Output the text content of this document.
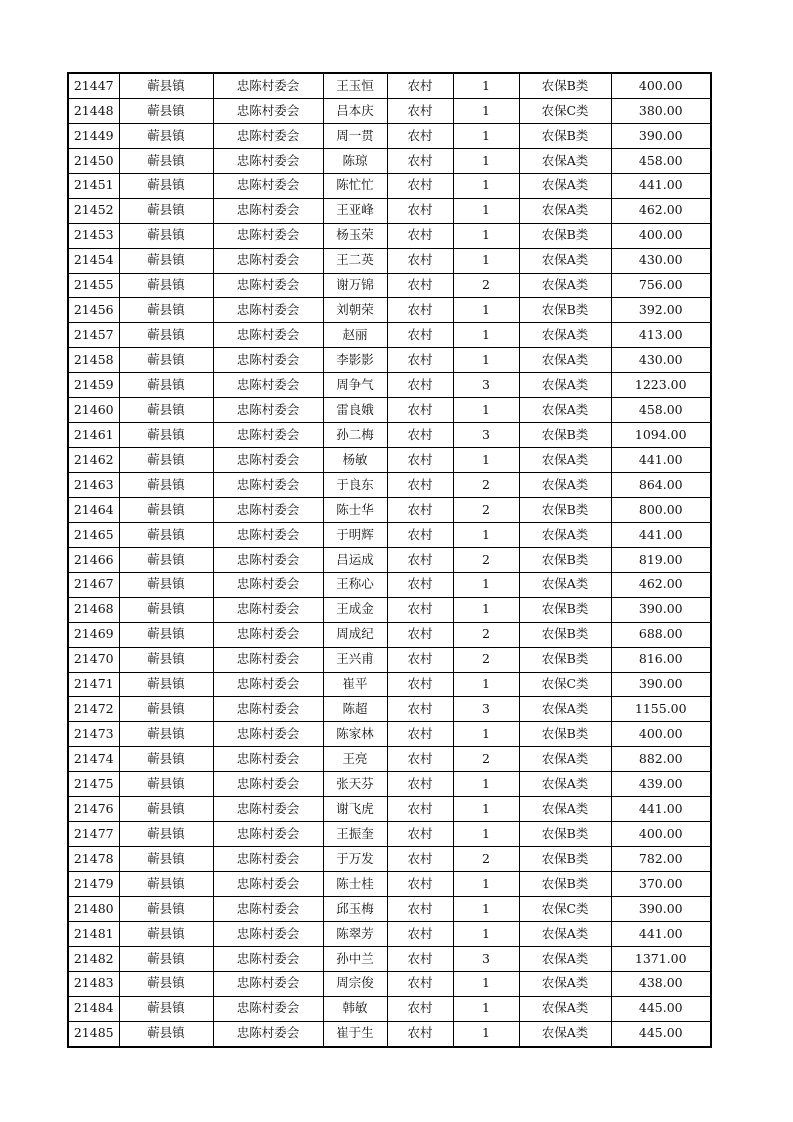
21447	蕲县镇	忠陈村委会	王玉恒	农村	1	农保B类	400.00
21448	蕲县镇	忠陈村委会	吕本庆	农村	1	农保C类	380.00
21449	蕲县镇	忠陈村委会	周一贯	农村	1	农保B类	390.00
21450	蕲县镇	忠陈村委会	陈琼	农村	1	农保A类	458.00
21451	蕲县镇	忠陈村委会	陈忙忙	农村	1	农保A类	441.00
21452	蕲县镇	忠陈村委会	王亚峰	农村	1	农保A类	462.00
21453	蕲县镇	忠陈村委会	杨玉荣	农村	1	农保B类	400.00
21454	蕲县镇	忠陈村委会	王二英	农村	1	农保A类	430.00
21455	蕲县镇	忠陈村委会	谢万锦	农村	2	农保A类	756.00
21456	蕲县镇	忠陈村委会	刘朝荣	农村	1	农保B类	392.00
21457	蕲县镇	忠陈村委会	赵丽	农村	1	农保A类	413.00
21458	蕲县镇	忠陈村委会	李影影	农村	1	农保A类	430.00
21459	蕲县镇	忠陈村委会	周争气	农村	3	农保A类	1223.00
21460	蕲县镇	忠陈村委会	雷良娥	农村	1	农保A类	458.00
21461	蕲县镇	忠陈村委会	孙二梅	农村	3	农保B类	1094.00
21462	蕲县镇	忠陈村委会	杨敏	农村	1	农保A类	441.00
21463	蕲县镇	忠陈村委会	于良东	农村	2	农保A类	864.00
21464	蕲县镇	忠陈村委会	陈士华	农村	2	农保B类	800.00
21465	蕲县镇	忠陈村委会	于明辉	农村	1	农保A类	441.00
21466	蕲县镇	忠陈村委会	吕运成	农村	2	农保B类	819.00
21467	蕲县镇	忠陈村委会	王称心	农村	1	农保A类	462.00
21468	蕲县镇	忠陈村委会	王成金	农村	1	农保B类	390.00
21469	蕲县镇	忠陈村委会	周成纪	农村	2	农保B类	688.00
21470	蕲县镇	忠陈村委会	王兴甫	农村	2	农保B类	816.00
21471	蕲县镇	忠陈村委会	崔平	农村	1	农保C类	390.00
21472	蕲县镇	忠陈村委会	陈超	农村	3	农保A类	1155.00
21473	蕲县镇	忠陈村委会	陈家林	农村	1	农保B类	400.00
21474	蕲县镇	忠陈村委会	王亮	农村	2	农保A类	882.00
21475	蕲县镇	忠陈村委会	张天芬	农村	1	农保A类	439.00
21476	蕲县镇	忠陈村委会	谢飞虎	农村	1	农保A类	441.00
21477	蕲县镇	忠陈村委会	王振奎	农村	1	农保B类	400.00
21478	蕲县镇	忠陈村委会	于万发	农村	2	农保B类	782.00
21479	蕲县镇	忠陈村委会	陈士桂	农村	1	农保B类	370.00
21480	蕲县镇	忠陈村委会	邱玉梅	农村	1	农保C类	390.00
21481	蕲县镇	忠陈村委会	陈翠芳	农村	1	农保A类	441.00
21482	蕲县镇	忠陈村委会	孙中兰	农村	3	农保A类	1371.00
21483	蕲县镇	忠陈村委会	周宗俊	农村	1	农保A类	438.00
21484	蕲县镇	忠陈村委会	韩敏	农村	1	农保A类	445.00
21485	蕲县镇	忠陈村委会	崔于生	农村	1	农保A类	445.00
